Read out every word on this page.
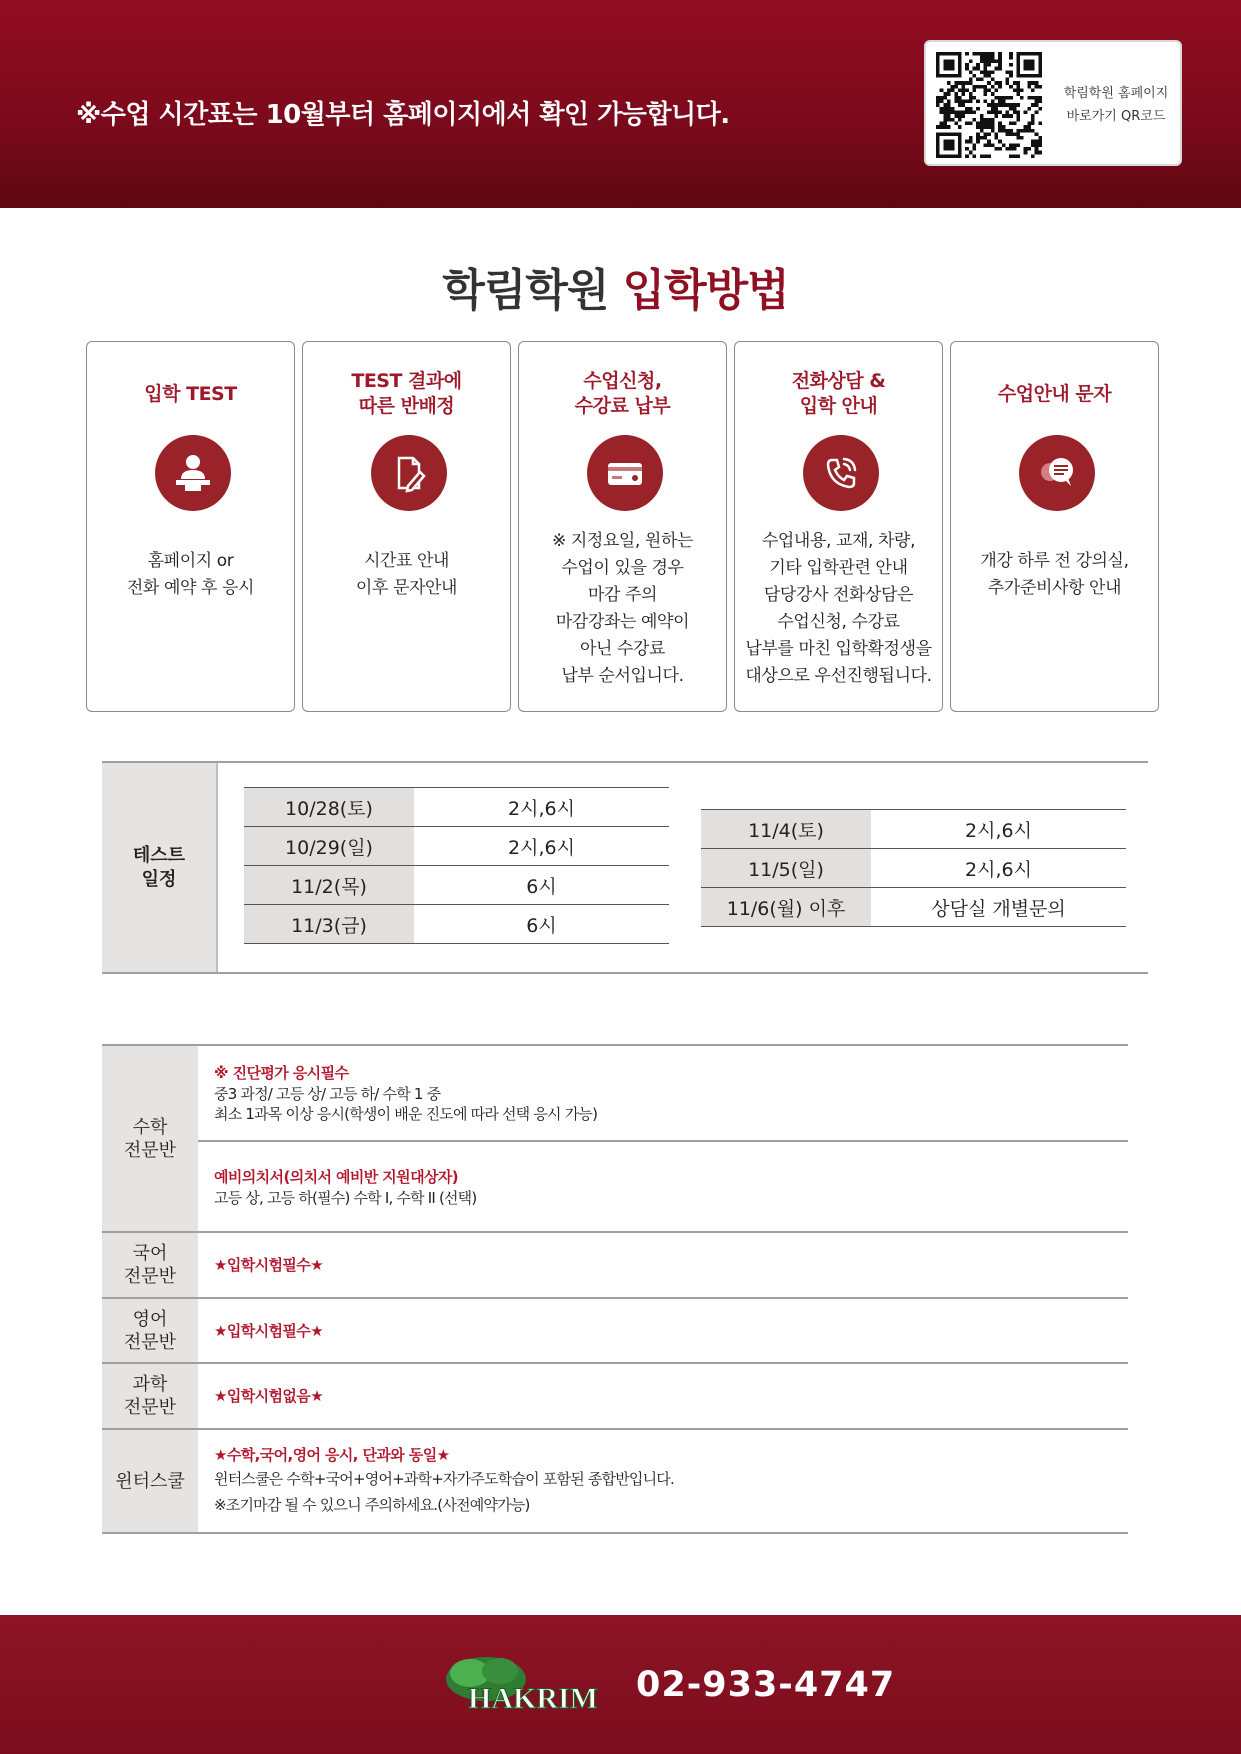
※수업 시간표는 10월부터 홈페이지에서 확인 가능합니다.
학림학원 홈페이지
바로가기 QR코드
학림학원 입학방법
입학 TEST
홈페이지 or
전화 예약 후 응시
TEST 결과에
따른 반배정
시간표 안내
이후 문자안내
수업신청,
수강료 납부
※ 지정요일, 원하는
수업이 있을 경우
마감 주의
마감강좌는 예약이
아닌 수강료
납부 순서입니다.
전화상담 &
입학 안내
수업내용, 교재, 차량,
기타 입학관련 안내
담당강사 전화상담은
수업신청, 수강료
납부를 마친 입학확정생을
대상으로 우선진행됩니다.
수업안내 문자
개강 하루 전 강의실,
추가준비사항 안내
테스트
일정
10/28(토)	2시,6시
10/29(일)	2시,6시
11/2(목)	6시
11/3(금)	6시
11/4(토)	2시,6시
11/5(일)	2시,6시
11/6(월) 이후	상담실 개별문의
수학
전문반
※ 진단평가 응시필수
중3 과정/ 고등 상/ 고등 하/ 수학 1 중
최소 1과목 이상 응시(학생이 배운 진도에 따라 선택 응시 가능)
예비의치서(의치서 예비반 지원대상자)
고등 상, 고등 하(필수) 수학 I, 수학 II (선택)
국어
전문반
★입학시험필수★
영어
전문반
★입학시험필수★
과학
전문반
★입학시험없음★
윈터스쿨
★수학,국어,영어 응시, 단과와 동일★
윈터스쿨은 수학+국어+영어+과학+자가주도학습이 포함된 종합반입니다.
※조기마감 될 수 있으니 주의하세요.(사전예약가능)
HAKRIM 02-933-4747
